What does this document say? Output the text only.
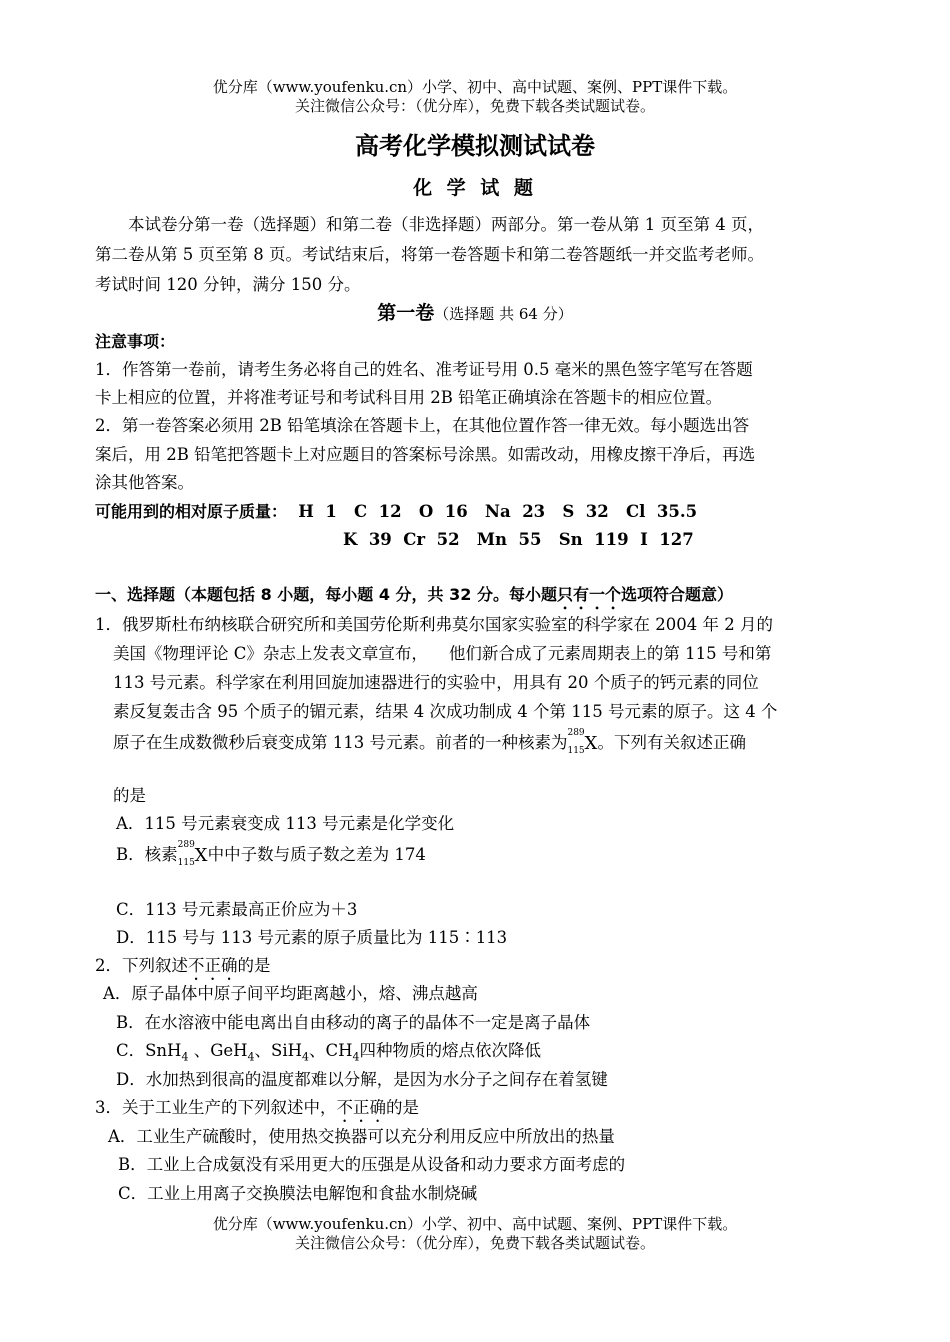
优分库（www.youfenku.cn）小学、初中、高中试题、案例、PPT课件下载。
关注微信公众号：（优分库），免费下载各类试题试卷。
高考化学模拟测试试卷
化 学 试 题
本试卷分第一卷（选择题）和第二卷（非选择题）两部分。第一卷从第 1 页至第 4 页，
第二卷从第 5 页至第 8 页。考试结束后，将第一卷答题卡和第二卷答题纸一并交监考老师。
考试时间 120 分钟，满分 150 分。
第一卷（选择题 共 64 分）
注意事项：
1．作答第一卷前，请考生务必将自己的姓名、准考证号用 0.5 毫米的黑色签字笔写在答题
卡上相应的位置，并将准考证号和考试科目用 2B 铅笔正确填涂在答题卡的相应位置。
2．第一卷答案必须用 2B 铅笔填涂在答题卡上，在其他位置作答一律无效。每小题选出答
案后，用 2B 铅笔把答题卡上对应题目的答案标号涂黑。如需改动，用橡皮擦干净后，再选
涂其他答案。
可能用到的相对原子质量： H  1   C  12   O  16   Na  23   S  32   Cl  35.5
K  39  Cr  52   Mn  55   Sn  119  I  127
一、选择题（本题包括 8 小题，每小题 4 分，共 32 分。每小题只有一个选项符合题意）
1．俄罗斯杜布纳核联合研究所和美国劳伦斯利弗莫尔国家实验室的科学家在 2004 年 2 月的
美国《物理评论 C》杂志上发表文章宣布，    他们新合成了元素周期表上的第 115 号和第
113 号元素。科学家在利用回旋加速器进行的实验中，用具有 20 个质子的钙元素的同位
素反复轰击含 95 个质子的镅元素，结果 4 次成功制成 4 个第 115 号元素的原子。这 4 个
原子在生成数微秒后衰变成第 113 号元素。前者的一种核素为 289
115 X 。下列有关叙述正确
的是
A．115 号元素衰变成 113 号元素是化学变化
B．核素 289
115 X 中中子数与质子数之差为 174
C．113 号元素最高正价应为＋3
D．115 号与 113 号元素的原子质量比为 115∶113
2．下列叙述不正确的是
A．原子晶体中原子间平均距离越小，熔、沸点越高
B．在水溶液中能电离出自由移动的离子的晶体不一定是离子晶体
C．SnH$_4$ 、GeH$_4$、SiH$_4$、$CH_4$四种物质的熔点依次降低
D．水加热到很高的温度都难以分解，是因为水分子之间存在着氢键
3．关于工业生产的下列叙述中，不正确的是
A．工业生产硫酸时，使用热交换器可以充分利用反应中所放出的热量
B．工业上合成氨没有采用更大的压强是从设备和动力要求方面考虑的
C．工业上用离子交换膜法电解饱和食盐水制烧碱
优分库（www.youfenku.cn）小学、初中、高中试题、案例、PPT课件下载。
关注微信公众号：（优分库），免费下载各类试题试卷。
